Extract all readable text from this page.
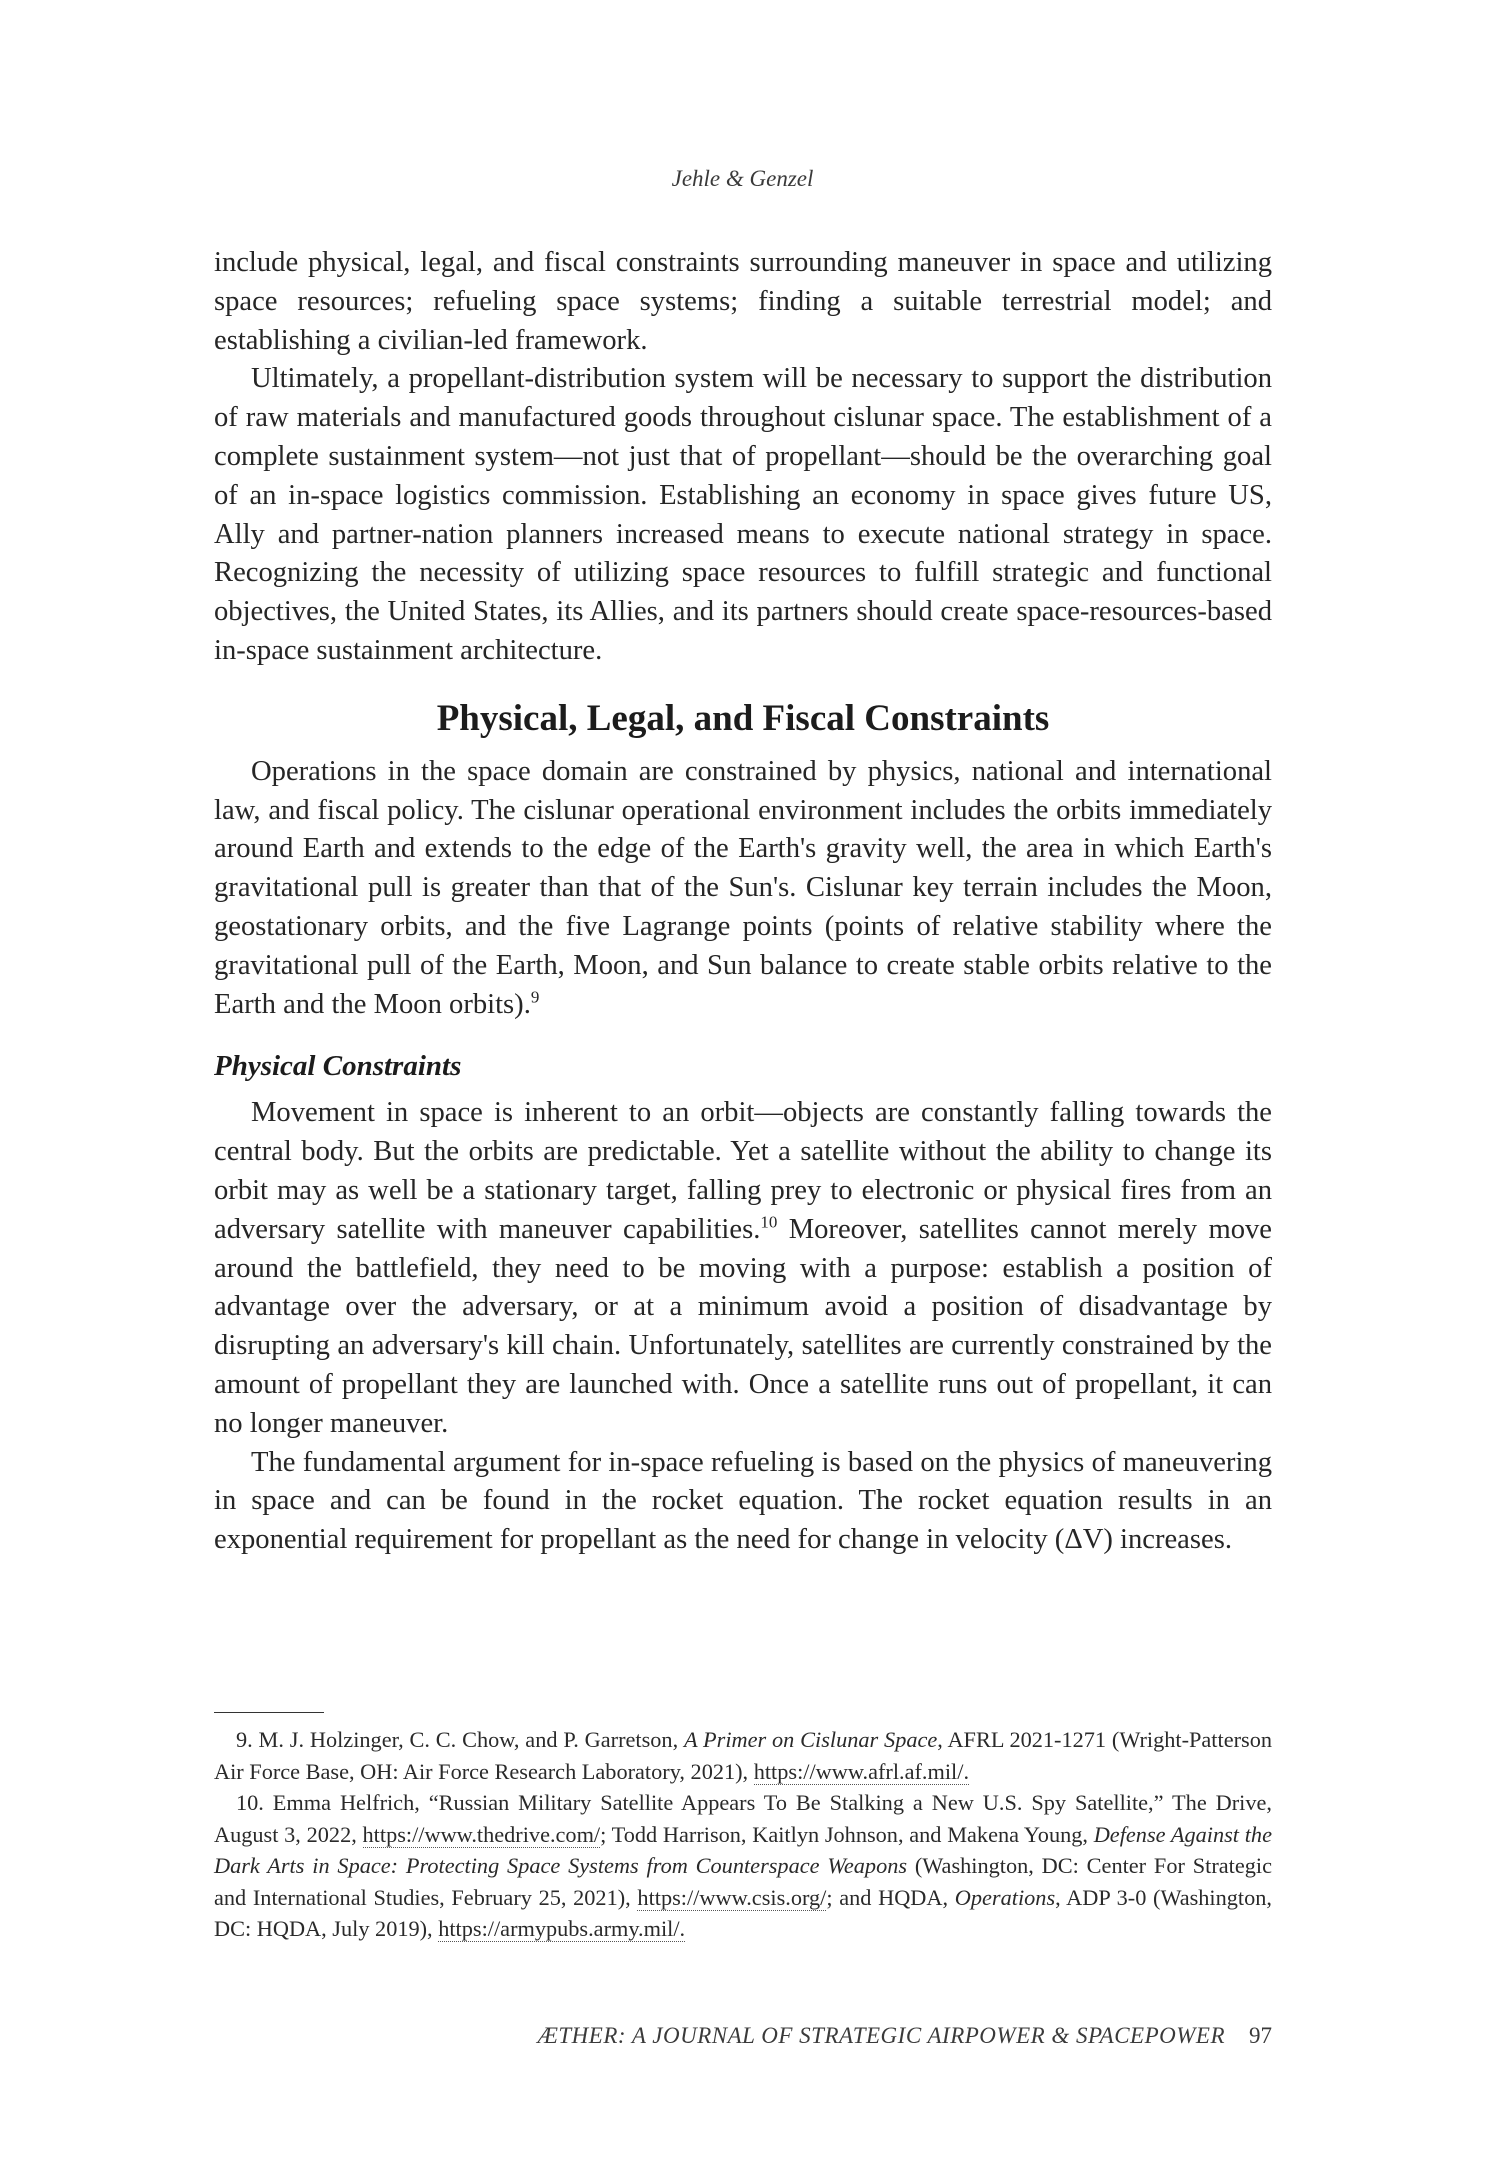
Jehle & Genzel

include physical, legal, and fiscal constraints surrounding maneuver in space and utilizing space resources; refueling space systems; finding a suitable terrestrial model; and establishing a civilian-led framework.

Ultimately, a propellant-distribution system will be necessary to support the distribution of raw materials and manufactured goods throughout cislunar space. The establishment of a complete sustainment system—not just that of propellant—should be the overarching goal of an in-space logistics commission. Establishing an economy in space gives future US, Ally and partner-nation planners increased means to execute national strategy in space. Recognizing the necessity of utilizing space resources to fulfill strategic and functional objectives, the United States, its Allies, and its partners should create space-resources-based in-space sustainment architecture.

Physical, Legal, and Fiscal Constraints

Operations in the space domain are constrained by physics, national and international law, and fiscal policy. The cislunar operational environment includes the orbits immediately around Earth and extends to the edge of the Earth's gravity well, the area in which Earth's gravitational pull is greater than that of the Sun's. Cislunar key terrain includes the Moon, geostationary orbits, and the five Lagrange points (points of relative stability where the gravitational pull of the Earth, Moon, and Sun balance to create stable orbits relative to the Earth and the Moon orbits).$^9$

Physical Constraints

Movement in space is inherent to an orbit—objects are constantly falling towards the central body. But the orbits are predictable. Yet a satellite without the ability to change its orbit may as well be a stationary target, falling prey to electronic or physical fires from an adversary satellite with maneuver capabilities.$^{10}$ Moreover, satellites cannot merely move around the battlefield, they need to be moving with a purpose: establish a position of advantage over the adversary, or at a minimum avoid a position of disadvantage by disrupting an adversary's kill chain. Unfortunately, satellites are currently constrained by the amount of propellant they are launched with. Once a satellite runs out of propellant, it can no longer maneuver.

The fundamental argument for in-space refueling is based on the physics of maneuvering in space and can be found in the rocket equation. The rocket equation results in an exponential requirement for propellant as the need for change in velocity (ΔV) increases.

9. M. J. Holzinger, C. C. Chow, and P. Garretson, A Primer on Cislunar Space, AFRL 2021-1271 (Wright-Patterson Air Force Base, OH: Air Force Research Laboratory, 2021), https://www.afrl.af.mil/.

10. Emma Helfrich, “Russian Military Satellite Appears To Be Stalking a New U.S. Spy Satellite,” The Drive, August 3, 2022, https://www.thedrive.com/; Todd Harrison, Kaitlyn Johnson, and Makena Young, Defense Against the Dark Arts in Space: Protecting Space Systems from Counterspace Weapons (Washington, DC: Center For Strategic and International Studies, February 25, 2021), https://www.csis.org/; and HQDA, Operations, ADP 3-0 (Washington, DC: HQDA, July 2019), https://armypubs.army.mil/.

ÆTHER: A JOURNAL OF STRATEGIC AIRPOWER & SPACEPOWER 97
